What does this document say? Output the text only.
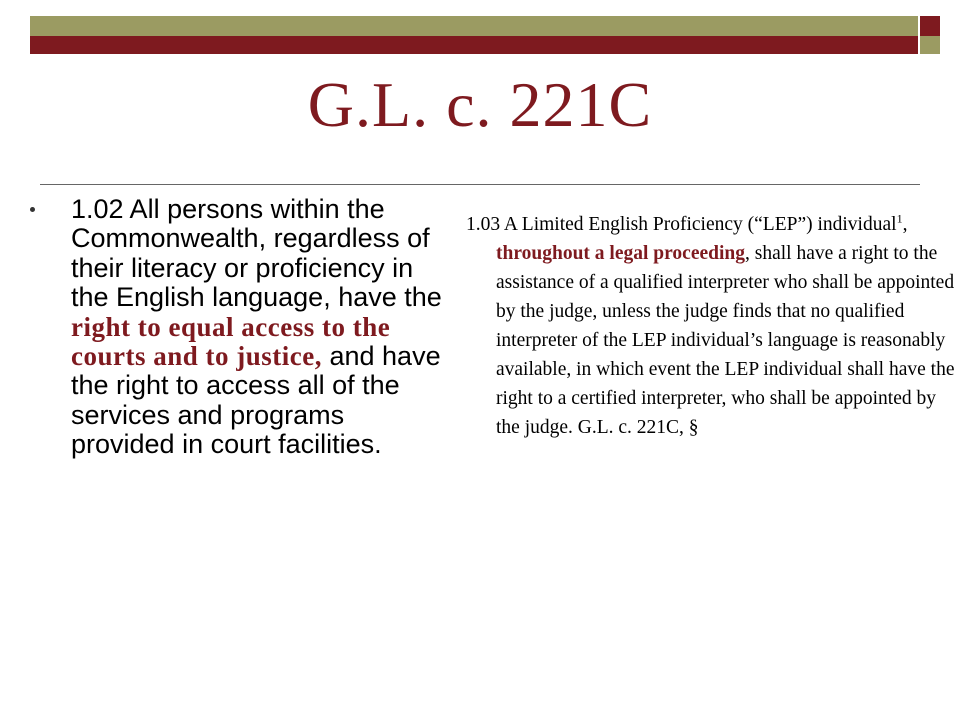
G.L. c. 221C
1.02 All persons within the Commonwealth, regardless of their literacy or proficiency in the English language, have the right to equal access to the courts and to justice, and have the right to access all of the services and programs provided in court facilities.
1.03 A Limited English Proficiency (“LEP”) individual$^1$, throughout a legal proceeding, shall have a right to the assistance of a qualified interpreter who shall be appointed by the judge, unless the judge finds that no qualified interpreter of the LEP individual’s language is reasonably available, in which event the LEP individual shall have the right to a certified interpreter, who shall be appointed by the judge. G.L. c. 221C, §
